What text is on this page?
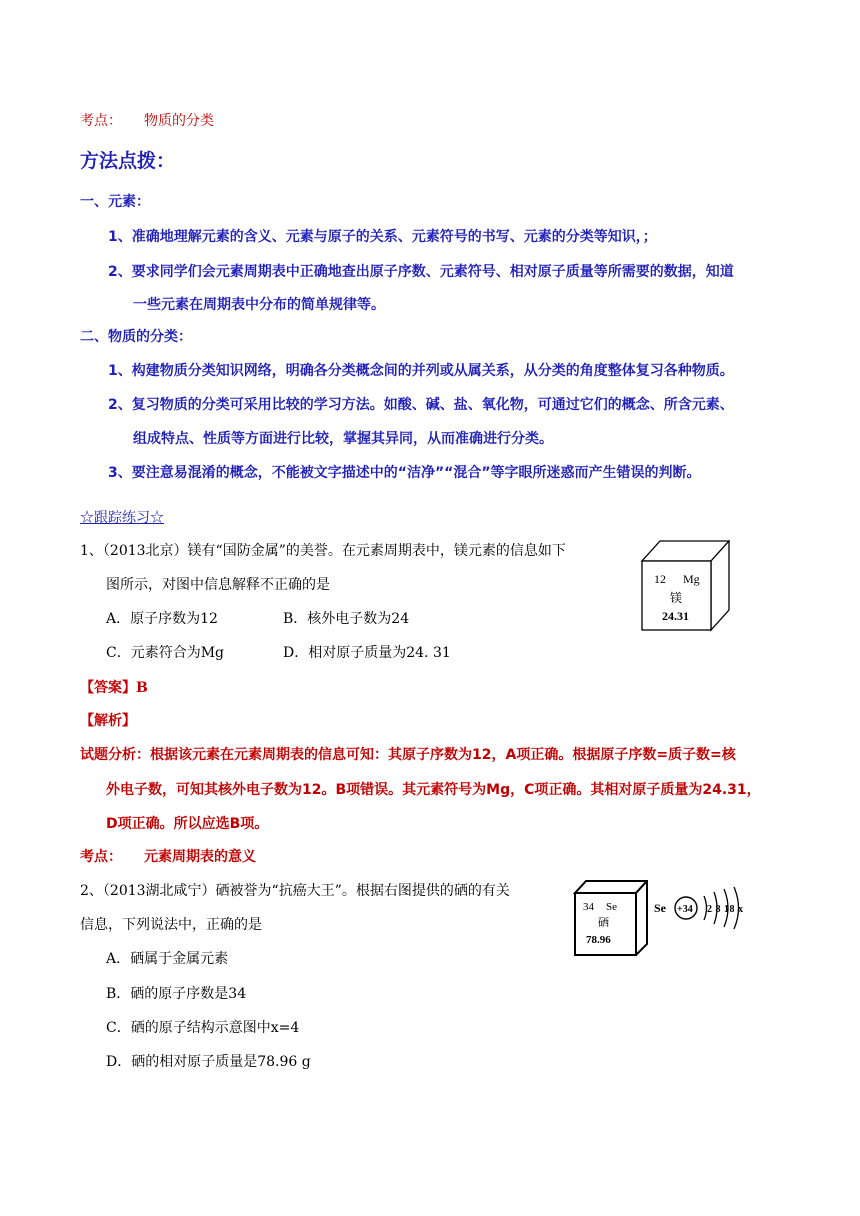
考点： 物质的分类
方法点拨：
一、元素：
1、准确地理解元素的含义、元素与原子的关系、元素符号的书写、元素的分类等知识，；
2、要求同学们会元素周期表中正确地查出原子序数、元素符号、相对原子质量等所需要的数据，知道
一些元素在周期表中分布的简单规律等。
二、物质的分类：
1、构建物质分类知识网络，明确各分类概念间的并列或从属关系，从分类的角度整体复习各种物质。
2、复习物质的分类可采用比较的学习方法。如酸、碱、盐、氧化物，可通过它们的概念、所含元素、
组成特点、性质等方面进行比较，掌握其异同，从而准确进行分类。
3、要注意易混淆的概念，不能被文字描述中的“洁净”“混合”等字眼所迷惑而产生错误的判断。
☆跟踪练习☆
1、（2013北京）镁有“国防金属”的美誉。在元素周期表中，镁元素的信息如下
图所示，对图中信息解释不正确的是
A．原子序数为12	B．核外电子数为24
C．元素符合为Mg	D．相对原子质量为24. 31
12 Mg
镁
24.31
【答案】B
【解析】
试题分析：根据该元素在元素周期表的信息可知：其原子序数为12，A项正确。根据原子序数=质子数=核
外电子数，可知其核外电子数为12。B项错误。其元素符号为Mg，C项正确。其相对原子质量为24.31，
D项正确。所以应选B项。
考点： 元素周期表的意义
2、（2013湖北咸宁）硒被誉为“抗癌大王”。根据右图提供的硒的有关
信息，下列说法中，正确的是
A．硒属于金属元素
B．硒的原子序数是34
C．硒的原子结构示意图中x=4
D．硒的相对原子质量是78.96 g
34 Se
硒
78.96
Se +34 2 8 18 x
